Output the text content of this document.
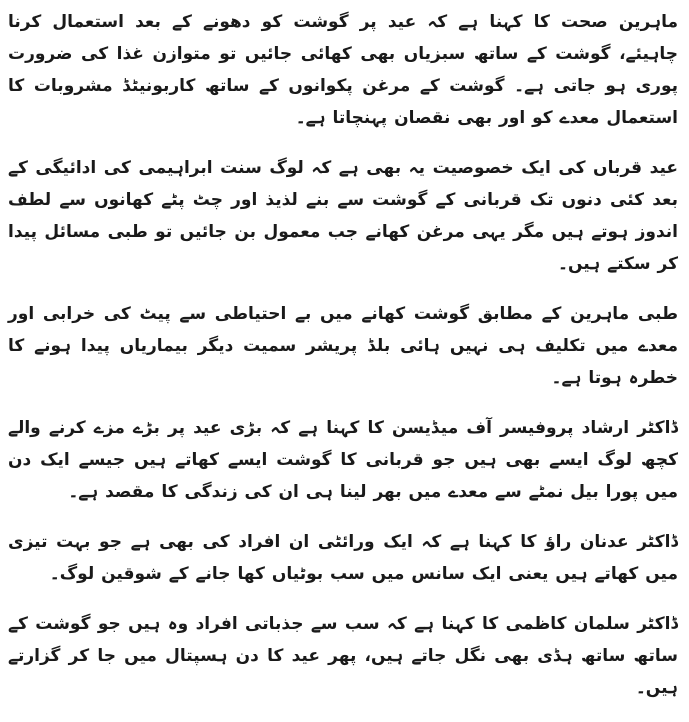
ماہرین صحت کا کہنا ہے کہ عید پر گوشت کو دھونے کے بعد استعمال کرنا چاہیئے، گوشت کے ساتھ سبزیاں بھی کھائی جائیں تو متوازن غذا کی ضرورت پوری ہو جاتی ہے۔ گوشت کے مرغن پکوانوں کے ساتھ کاربونیٹڈ مشروبات کا استعمال معدے کو اور بھی نقصان پہنچاتا ہے۔

عید قرباں کی ایک خصوصیت یہ بھی ہے کہ لوگ سنت ابراہیمی کی ادائیگی کے بعد کئی دنوں تک قربانی کے گوشت سے بنے لذیذ اور چٹ پٹے کھانوں سے لطف اندوز ہوتے ہیں مگر یہی مرغن کھانے جب معمول بن جائیں تو طبی مسائل پیدا کر سکتے ہیں۔

طبی ماہرین کے مطابق گوشت کھانے میں بے احتیاطی سے پیٹ کی خرابی اور معدے میں تکلیف ہی نہیں ہائی بلڈ پریشر سمیت دیگر بیماریاں پیدا ہونے کا خطرہ ہوتا ہے۔

ڈاکٹر ارشاد پروفیسر آف میڈیسن کا کہنا ہے کہ بڑی عید پر بڑے مزے کرنے والے کچھ لوگ ایسے بھی ہیں جو قربانی کا گوشت ایسے کھاتے ہیں جیسے ایک دن میں پورا بیل نمٹے سے معدے میں بھر لینا ہی ان کی زندگی کا مقصد ہے۔

ڈاکٹر عدنان راؤ کا کہنا ہے کہ ایک ورائٹی ان افراد کی بھی ہے جو بہت تیزی میں کھاتے ہیں یعنی ایک سانس میں سب بوٹیاں کھا جانے کے شوقین لوگ۔

ڈاکٹر سلمان کاظمی کا کہنا ہے کہ سب سے جذباتی افراد وہ ہیں جو گوشت کے ساتھ ساتھ ہڈی بھی نگل جاتے ہیں، پھر عید کا دن ہسپتال میں جا کر گزارتے ہیں۔
